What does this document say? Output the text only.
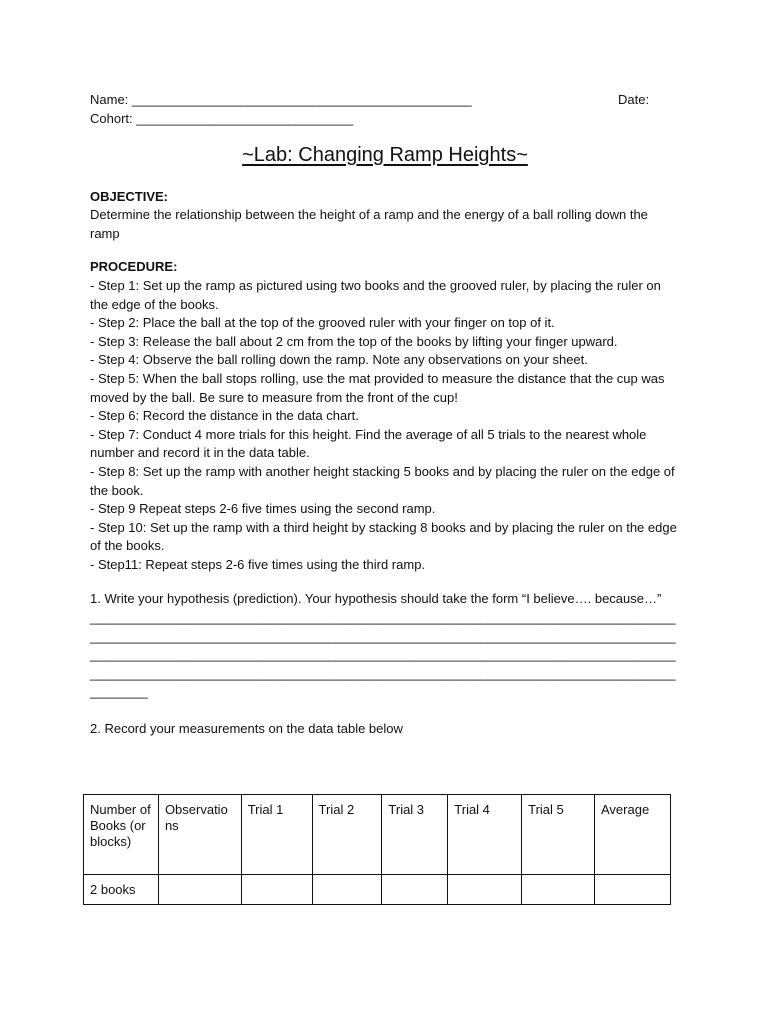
Name: _______________________________________________	Date:
Cohort: ______________________________
~Lab: Changing Ramp Heights~
OBJECTIVE:

Determine the relationship between the height of a ramp and the energy of a ball rolling down the ramp

PROCEDURE:

- Step 1: Set up the ramp as pictured using two books and the grooved ruler, by placing the ruler on the edge of the books.

- Step 2: Place the ball at the top of the grooved ruler with your finger on top of it.

- Step 3: Release the ball about 2 cm from the top of the books by lifting your finger upward.

- Step 4: Observe the ball rolling down the ramp. Note any observations on your sheet.

- Step 5: When the ball stops rolling, use the mat provided to measure the distance that the cup was moved by the ball. Be sure to measure from the front of the cup!

- Step 6: Record the distance in the data chart.

- Step 7: Conduct 4 more trials for this height. Find the average of all 5 trials to the nearest whole number and record it in the data table.

- Step 8: Set up the ramp with another height stacking 5 books and by placing the ruler on the edge of the book.

- Step 9 Repeat steps 2-6 five times using the second ramp.

- Step 10: Set up the ramp with a third height by stacking 8 books and by placing the ruler on the edge of the books.

- Step11: Repeat steps 2-6 five times using the third ramp.

1. Write your hypothesis (prediction). Your hypothesis should take the form “I believe…. because…”

____________________________________________________________________________________________________________________________________________________________________________________________________________________________________________________________________________________________________________________________________________

2. Record your measurements on the data table below

Number of Books (or blocks)	Observations	Trial 1	Trial 2	Trial 3	Trial 4	Trial 5	Average
2 books							
